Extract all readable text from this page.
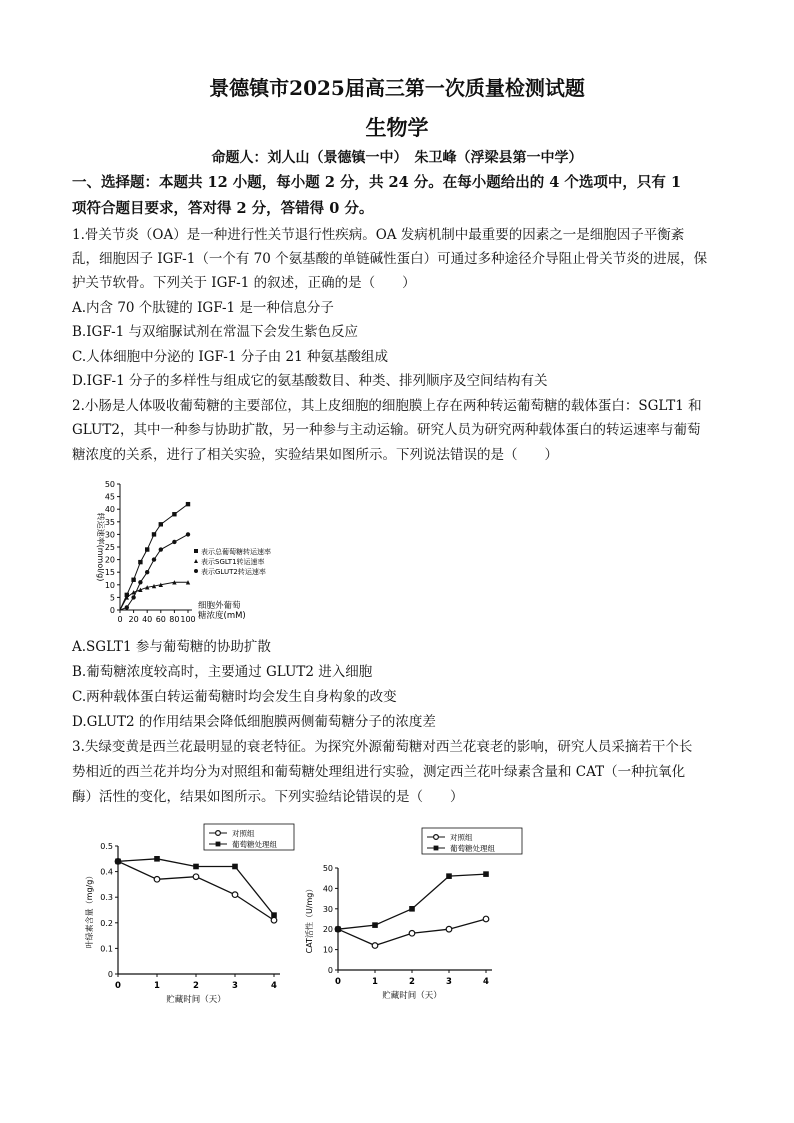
景德镇市2025届高三第一次质量检测试题
生物学
命题人：刘人山（景德镇一中）　朱卫峰（浮梁县第一中学）
一、选择题：本题共 12 小题，每小题 2 分，共 24 分。在每小题给出的 4 个选项中，只有 1
项符合题目要求，答对得 2 分，答错得 0 分。
1.骨关节炎（OA）是一种进行性关节退行性疾病。OA 发病机制中最重要的因素之一是细胞因子平衡紊
乱，细胞因子 IGF-1（一个有 70 个氨基酸的单链碱性蛋白）可通过多种途径介导阻止骨关节炎的进展，保
护关节软骨。下列关于 IGF-1 的叙述，正确的是（　　）
A.内含 70 个肽键的 IGF-1 是一种信息分子
B.IGF-1 与双缩脲试剂在常温下会发生紫色反应
C.人体细胞中分泌的 IGF-1 分子由 21 种氨基酸组成
D.IGF-1 分子的多样性与组成它的氨基酸数目、种类、排列顺序及空间结构有关
2.小肠是人体吸收葡萄糖的主要部位，其上皮细胞的细胞膜上存在两种转运葡萄糖的载体蛋白：SGLT1 和
GLUT2，其中一种参与协助扩散，另一种参与主动运输。研究人员为研究两种载体蛋白的转运速率与葡萄
糖浓度的关系，进行了相关实验，实验结果如图所示。下列说法错误的是（　　）
0
5
10
15
20
25
30
35
40
45
50
0 20 40 60 80 100
转运速率(mmol/g)
细胞外葡萄
糖浓度(mM)
表示总葡萄糖转运速率
表示SGLT1转运速率
表示GLUT2转运速率
A.SGLT1 参与葡萄糖的协助扩散
B.葡萄糖浓度较高时，主要通过 GLUT2 进入细胞
C.两种载体蛋白转运葡萄糖时均会发生自身构象的改变
D.GLUT2 的作用结果会降低细胞膜两侧葡萄糖分子的浓度差
3.失绿变黄是西兰花最明显的衰老特征。为探究外源葡萄糖对西兰花衰老的影响，研究人员采摘若干个长
势相近的西兰花并均分为对照组和葡萄糖处理组进行实验，测定西兰花叶绿素含量和 CAT（一种抗氧化
酶）活性的变化，结果如图所示。下列实验结论错误的是（　　）
0
0.1
0.2
0.3
0.4
0.5
0	1	2	3	4
叶绿素含量（mg/g）
贮藏时间（天）
对照组
葡萄糖处理组
0
10
20
30
40
50
0	1	2	3	4
CAT活性（U/mg）
贮藏时间（天）
对照组
葡萄糖处理组
